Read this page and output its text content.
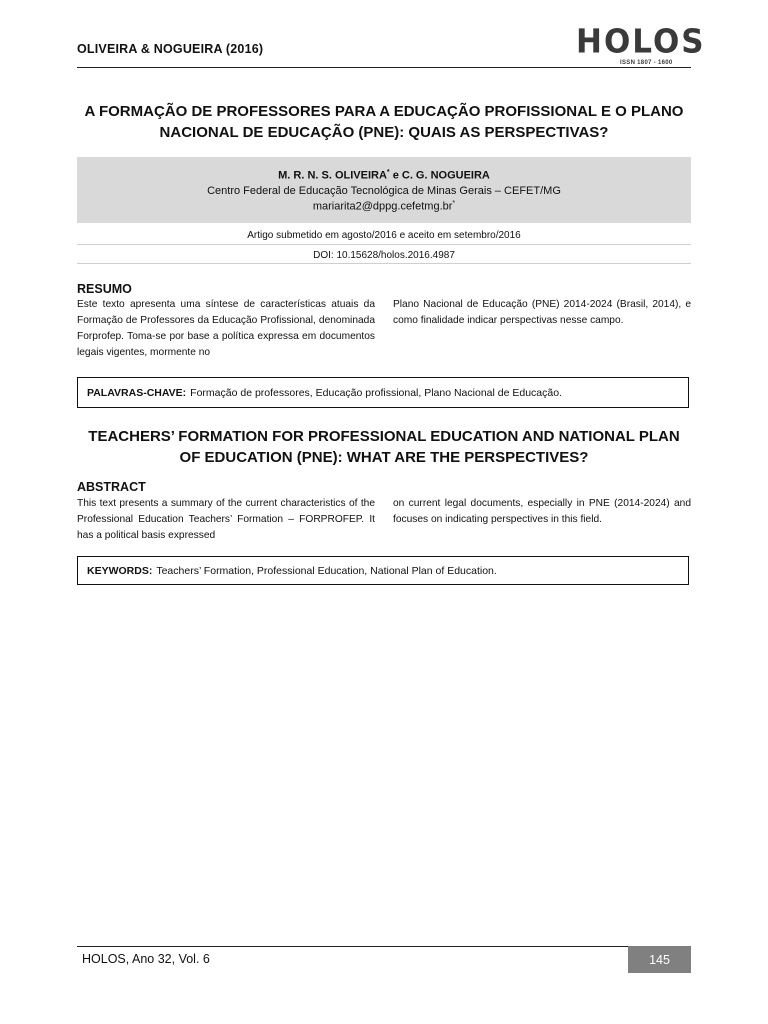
OLIVEIRA & NOGUEIRA (2016)	HOLOS
ISSN 1807 - 1600
A FORMAÇÃO DE PROFESSORES PARA A EDUCAÇÃO PROFISSIONAL E O PLANO
NACIONAL DE EDUCAÇÃO (PNE): QUAIS AS PERSPECTIVAS?
M. R. N. S. OLIVEIRA* e C. G. NOGUEIRA
Centro Federal de Educação Tecnológica de Minas Gerais – CEFET/MG
mariarita2@dppg.cefetmg.br*
Artigo submetido em agosto/2016 e aceito em setembro/2016
DOI: 10.15628/holos.2016.4987
RESUMO
Este texto apresenta uma síntese de características atuais da Formação de Professores da Educação Profissional, denominada Forprofep. Toma-se por base a política expressa em documentos legais vigentes, mormente no
Plano Nacional de Educação (PNE) 2014-2024 (Brasil, 2014), e como finalidade indicar perspectivas nesse campo.
PALAVRAS-CHAVE: Formação de professores, Educação profissional, Plano Nacional de Educação.
TEACHERS’ FORMATION FOR PROFESSIONAL EDUCATION AND NATIONAL PLAN
OF EDUCATION (PNE): WHAT ARE THE PERSPECTIVES?
ABSTRACT
This text presents a summary of the current characteristics of the Professional Education Teachers’ Formation – FORPROFEP. It has a political basis expressed
on current legal documents, especially in PNE (2014-2024) and focuses on indicating perspectives in this field.
KEYWORDS: Teachers’ Formation, Professional Education, National Plan of Education.
HOLOS, Ano 32, Vol. 6	145
